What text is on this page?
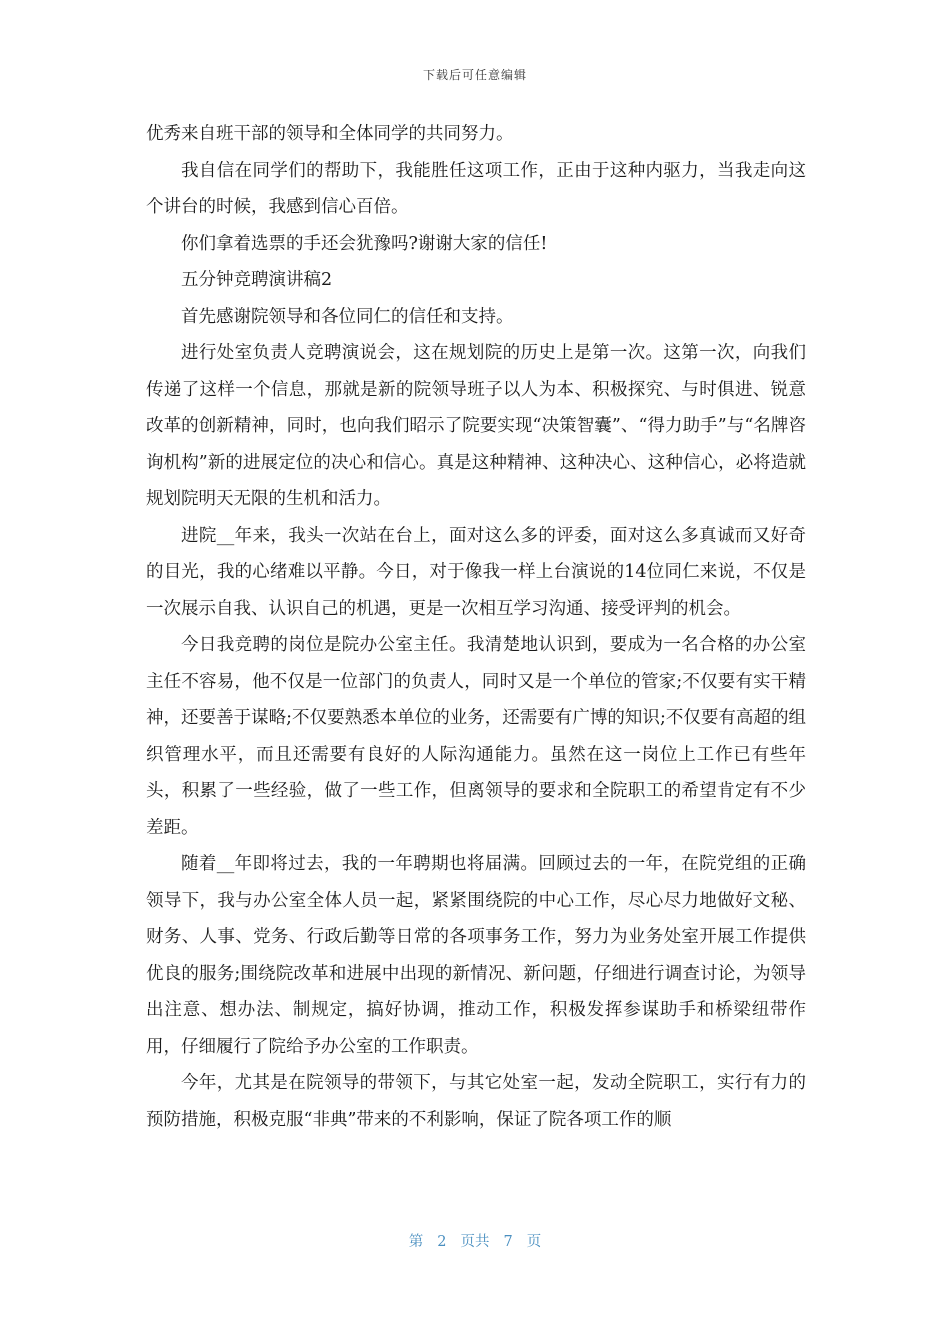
下载后可任意编辑

优秀来自班干部的领导和全体同学的共同努力。

我自信在同学们的帮助下，我能胜任这项工作，正由于这种内驱力，当我走向这个讲台的时候，我感到信心百倍。

你们拿着选票的手还会犹豫吗?谢谢大家的信任!

五分钟竞聘演讲稿2

首先感谢院领导和各位同仁的信任和支持。

进行处室负责人竞聘演说会，这在规划院的历史上是第一次。这第一次，向我们传递了这样一个信息，那就是新的院领导班子以人为本、积极探究、与时俱进、锐意改革的创新精神，同时，也向我们昭示了院要实现“决策智囊”、“得力助手”与“名牌咨询机构”新的进展定位的决心和信心。真是这种精神、这种决心、这种信心，必将造就规划院明天无限的生机和活力。

进院__年来，我头一次站在台上，面对这么多的评委，面对这么多真诚而又好奇的目光，我的心绪难以平静。今日，对于像我一样上台演说的14位同仁来说，不仅是一次展示自我、认识自己的机遇，更是一次相互学习沟通、接受评判的机会。

今日我竞聘的岗位是院办公室主任。我清楚地认识到，要成为一名合格的办公室主任不容易，他不仅是一位部门的负责人，同时又是一个单位的管家;不仅要有实干精神，还要善于谋略;不仅要熟悉本单位的业务，还需要有广博的知识;不仅要有高超的组织管理水平，而且还需要有良好的人际沟通能力。虽然在这一岗位上工作已有些年头，积累了一些经验，做了一些工作，但离领导的要求和全院职工的希望肯定有不少差距。

随着__年即将过去，我的一年聘期也将届满。回顾过去的一年，在院党组的正确领导下，我与办公室全体人员一起，紧紧围绕院的中心工作，尽心尽力地做好文秘、财务、人事、党务、行政后勤等日常的各项事务工作，努力为业务处室开展工作提供优良的服务;围绕院改革和进展中出现的新情况、新问题，仔细进行调查讨论，为领导出注意、想办法、制规定，搞好协调，推动工作，积极发挥参谋助手和桥梁纽带作用，仔细履行了院给予办公室的工作职责。

今年，尤其是在院领导的带领下，与其它处室一起，发动全院职工，实行有力的预防措施，积极克服“非典”带来的不利影响，保证了院各项工作的顺

第 2 页共 7 页
